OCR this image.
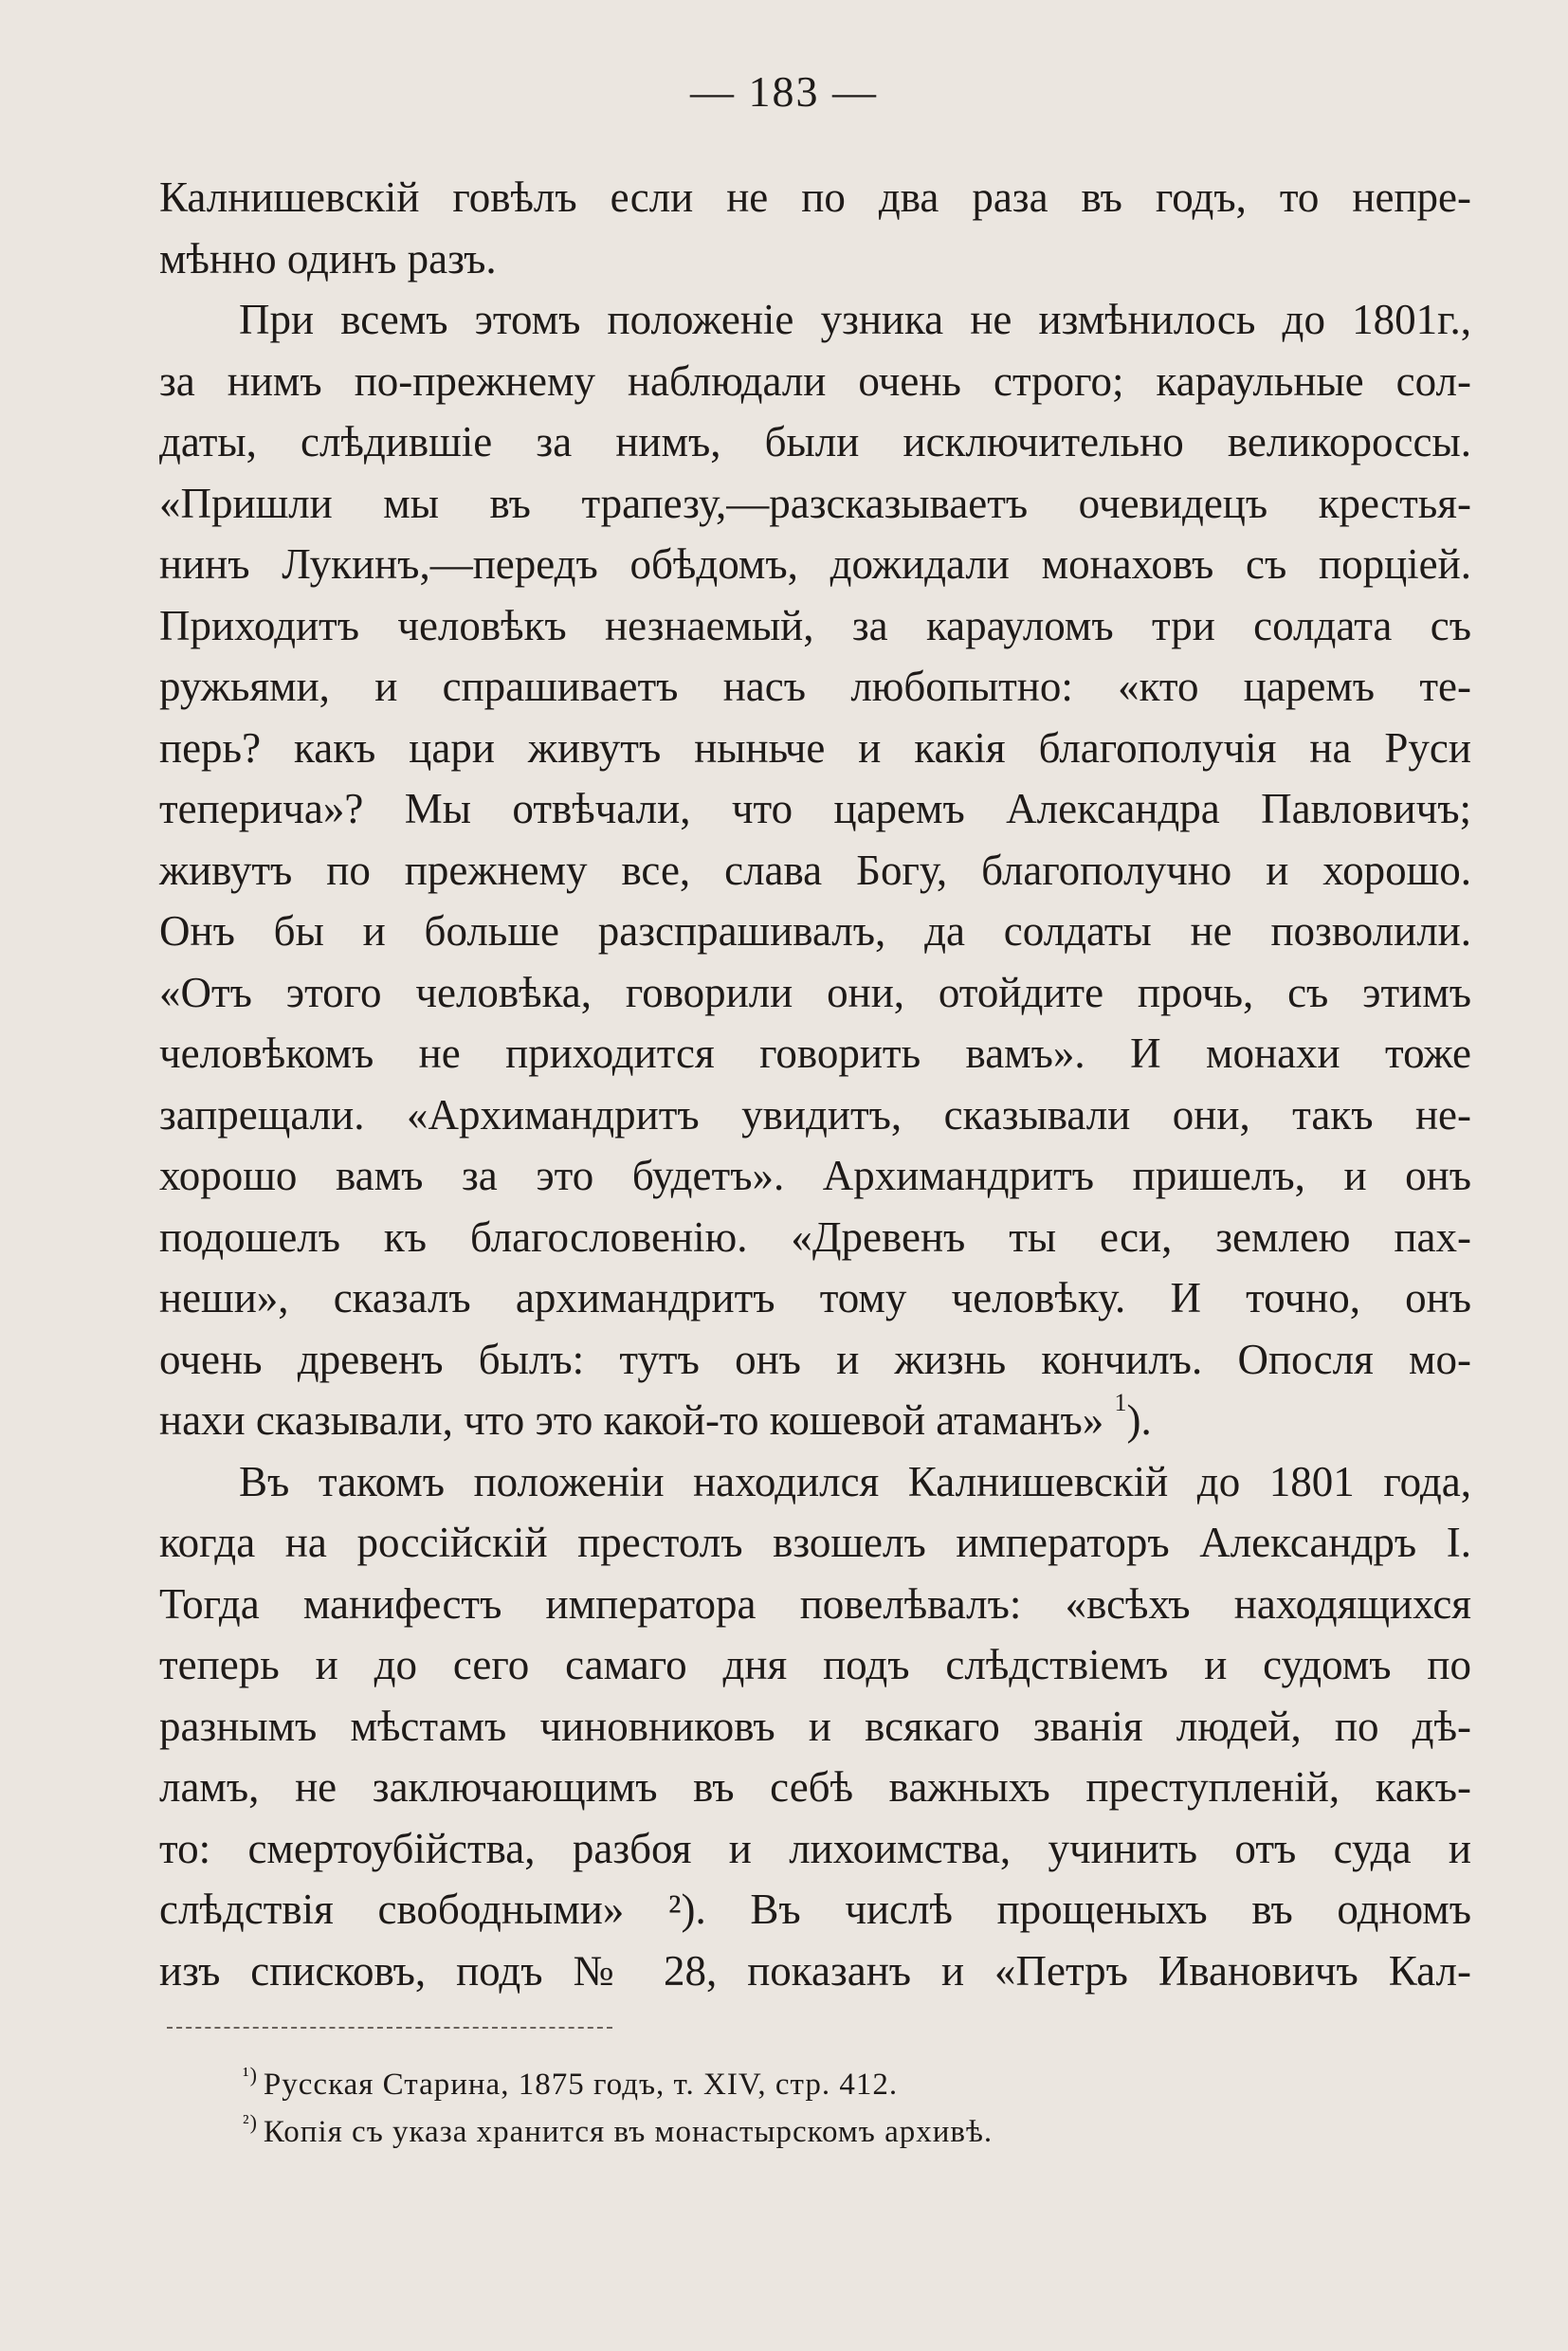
— 183 —
Калнишевскій говѣлъ если не по два раза въ годъ, то непре-
мѣнно одинъ разъ.
При всемъ этомъ положеніе узника не измѣнилось до 1801г.,
за нимъ по-прежнему наблюдали очень строго; караульные сол-
даты, слѣдившіе за нимъ, были исключительно великороссы.
«Пришли мы въ трапезу,—разсказываетъ очевидецъ крестья-
нинъ Лукинъ,—передъ обѣдомъ, дожидали монаховъ съ порціей.
Приходитъ человѣкъ незнаемый, за карауломъ три солдата съ
ружьями, и спрашиваетъ насъ любопытно: «кто царемъ те-
перь? какъ цари живутъ ныньче и какія благополучія на Руси
теперича»? Мы отвѣчали, что царемъ Александра Павловичъ;
живутъ по прежнему все, слава Богу, благополучно и хорошо.
Онъ бы и больше разспрашивалъ, да солдаты не позволили.
«Отъ этого человѣка, говорили они, отойдите прочь, съ этимъ
человѣкомъ не приходится говорить вамъ». И монахи тоже
запрещали. «Архимандритъ увидитъ, сказывали они, такъ не-
хорошо вамъ за это будетъ». Архимандритъ пришелъ, и онъ
подошелъ къ благословенію. «Древенъ ты еси, землею пах-
неши», сказалъ архимандритъ тому человѣку. И точно, онъ
очень древенъ былъ: тутъ онъ и жизнь кончилъ. Опосля мо-
нахи сказывали, что это какой-то кошевой атаманъ» $^1$).
Въ такомъ положеніи находился Калнишевскій до 1801 года,
когда на россійскій престолъ взошелъ императоръ Александръ I.
Тогда манифестъ императора повелѣвалъ: «всѣхъ находящихся
теперь и до сего самаго дня подъ слѣдствіемъ и судомъ по
разнымъ мѣстамъ чиновниковъ и всякаго званія людей, по дѣ-
ламъ, не заключающимъ въ себѣ важныхъ преступленій, какъ-
то: смертоубійства, разбоя и лихоимства, учинить отъ суда и
слѣдствія свободными» ²). Въ числѣ прощеныхъ въ одномъ
изъ списковъ, подъ № 28, показанъ и «Петръ Ивановичъ Кал-
$^{^1)}$ Русская Старина, 1875 годъ, т. XIV, стр. 412.
$^{^2)}$ Копія съ указа хранится въ монастырскомъ архивѣ.
